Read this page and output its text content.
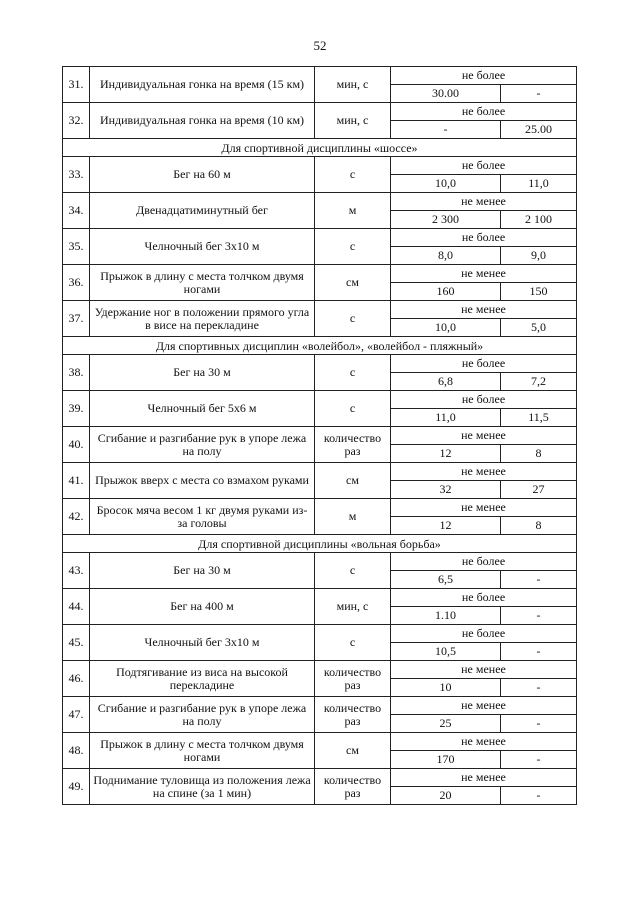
52
31.	Индивидуальная гонка на время (15 км)	мин, с	не более	
			30.00	-
32.	Индивидуальная гонка на время (10 км)	мин, с	не более	
			-	25.00
Для спортивной дисциплины «шоссе»				
33.	Бег на 60 м	с	не более	
			10,0	11,0
34.	Двенадцатиминутный бег	м	не менее	
			2 300	2 100
35.	Челночный бег 3x10 м	с	не более	
			8,0	9,0
36.	Прыжок в длину с места толчком двумя ногами	см	не менее	
			160	150
37.	Удержание ног в положении прямого угла в висе на перекладине	с	не менее	
			10,0	5,0
Для спортивных дисциплин «волейбол», «волейбол - пляжный»				
38.	Бег на 30 м	с	не более	
			6,8	7,2
39.	Челночный бег 5x6 м	с	не более	
			11,0	11,5
40.	Сгибание и разгибание рук в упоре лежа на полу	количество раз	не менее	
			12	8
41.	Прыжок вверх с места со взмахом руками	см	не менее	
			32	27
42.	Бросок мяча весом 1 кг двумя руками из-за головы	м	не менее	
			12	8
Для спортивной дисциплины «вольная борьба»				
43.	Бег на 30 м	с	не более	
			6,5	-
44.	Бег на 400 м	мин, с	не более	
			1.10	-
45.	Челночный бег 3x10 м	с	не более	
			10,5	-
46.	Подтягивание из виса на высокой перекладине	количество раз	не менее	
			10	-
47.	Сгибание и разгибание рук в упоре лежа на полу	количество раз	не менее	
			25	-
48.	Прыжок в длину с места толчком двумя ногами	см	не менее	
			170	-
49.	Поднимание туловища из положения лежа на спине (за 1 мин)	количество раз	не менее	
			20	-
